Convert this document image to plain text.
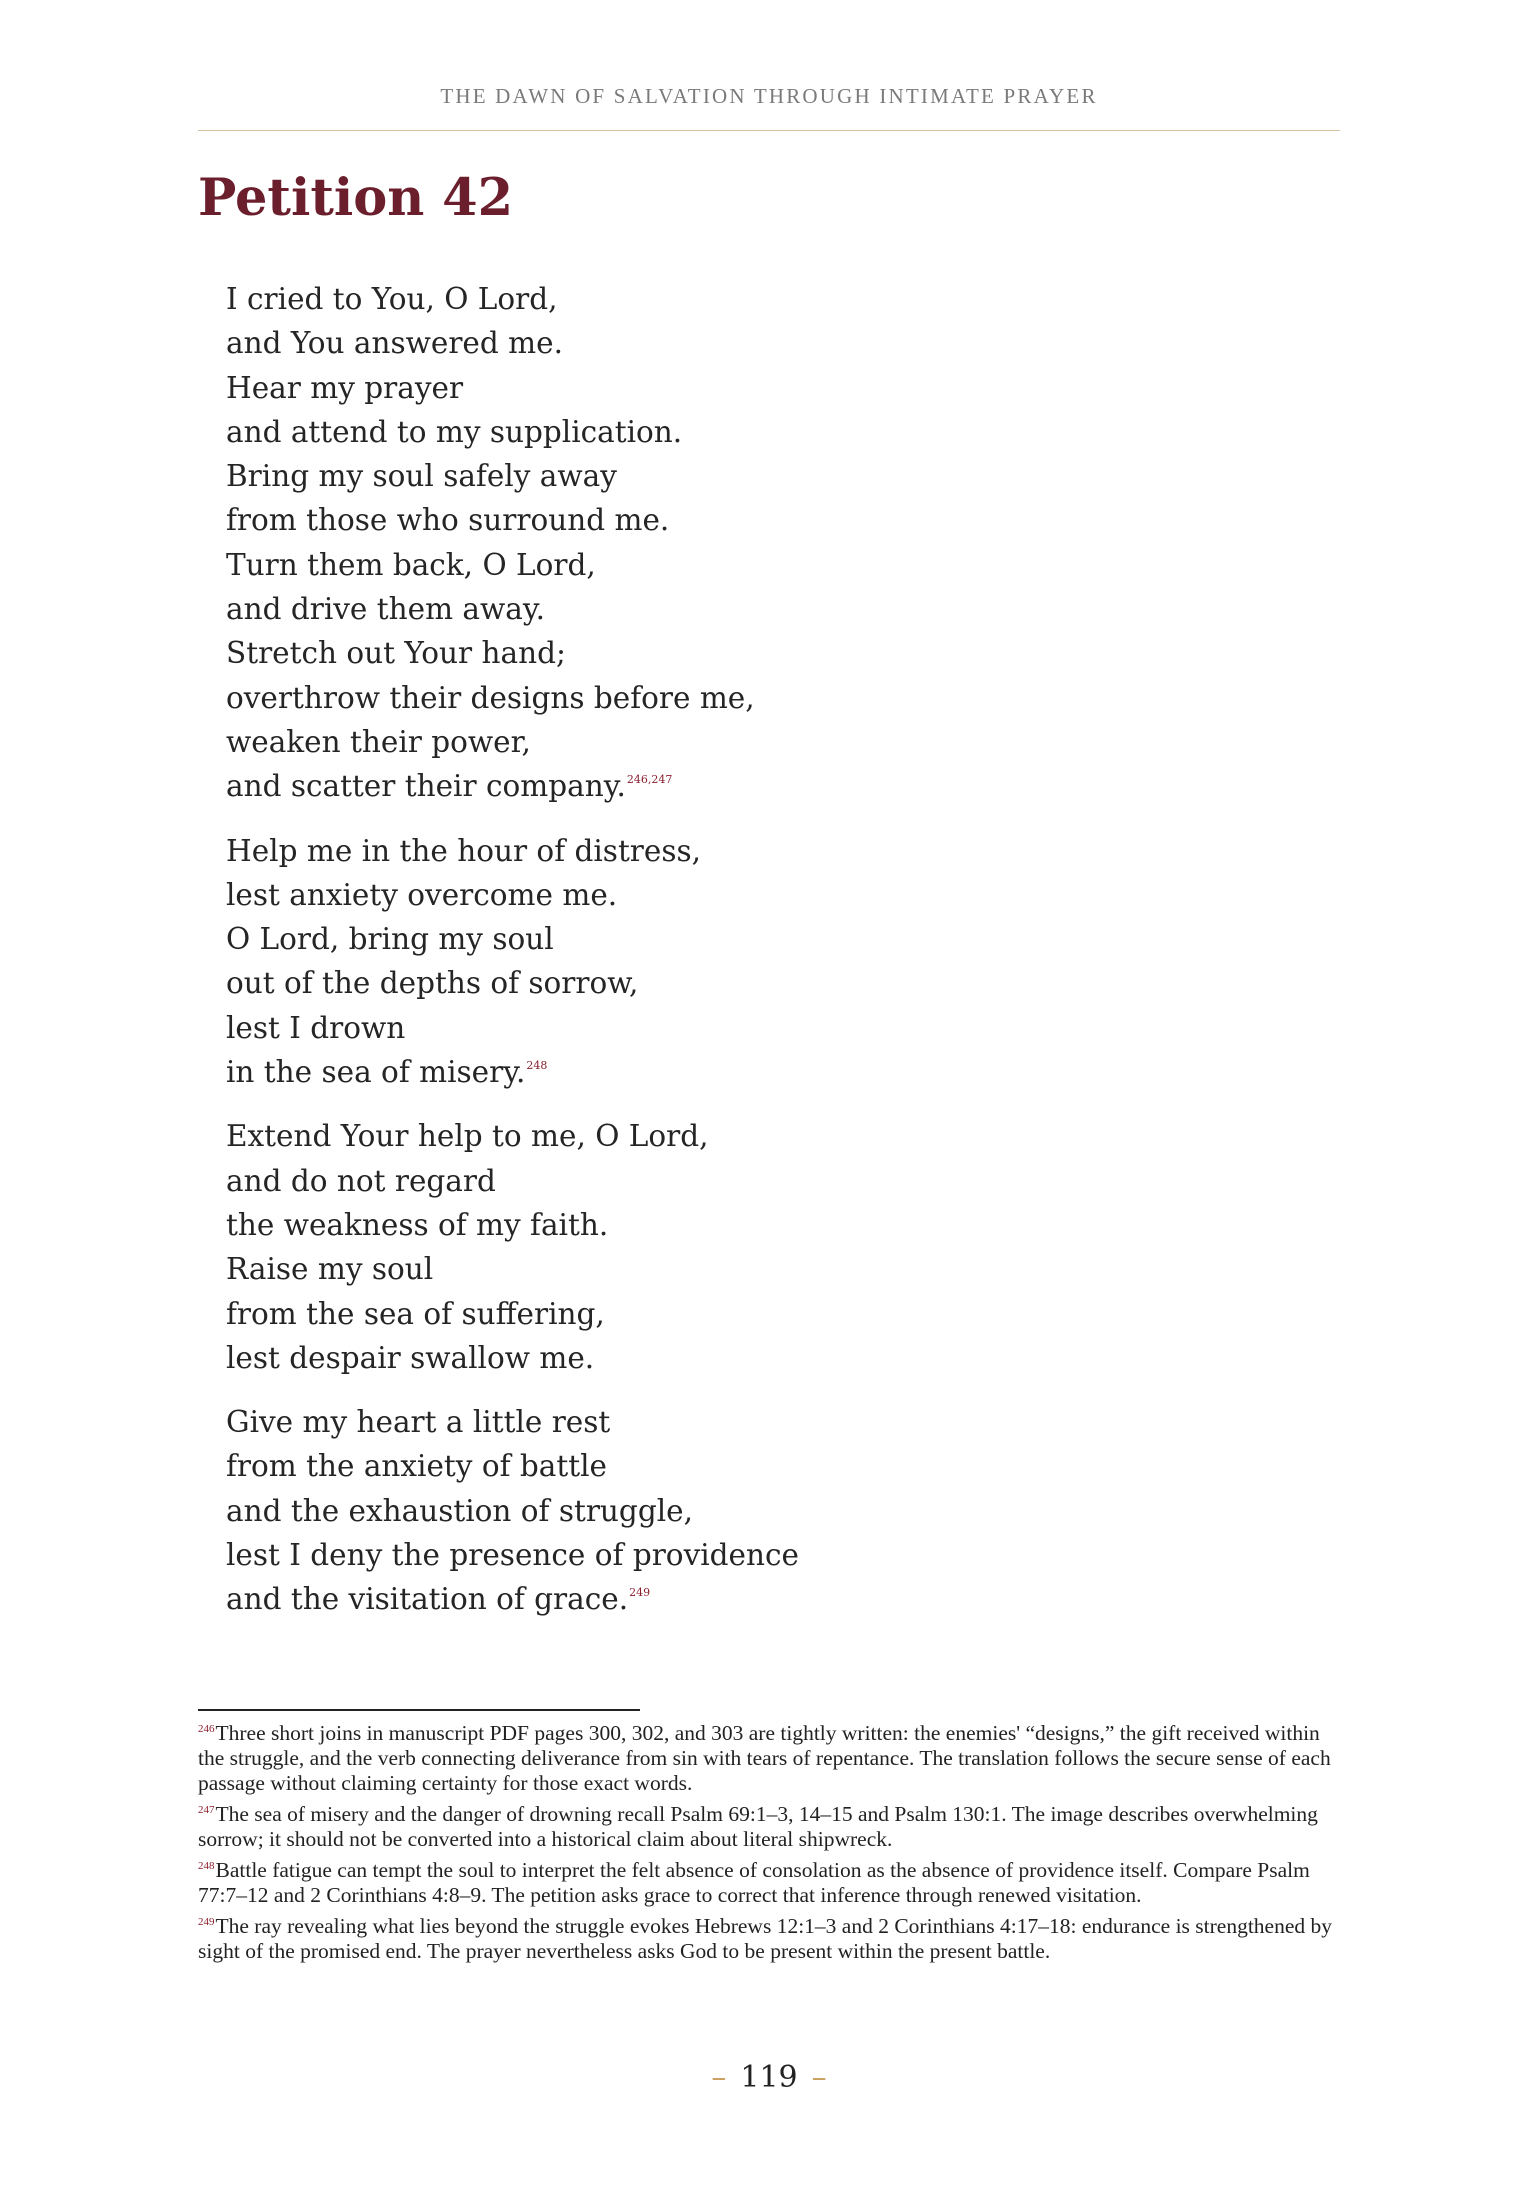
THE DAWN OF SALVATION THROUGH INTIMATE PRAYER
Petition 42
I cried to You, O Lord,
and You answered me.
Hear my prayer
and attend to my supplication.
Bring my soul safely away
from those who surround me.
Turn them back, O Lord,
and drive them away.
Stretch out Your hand;
overthrow their designs before me,
weaken their power,
and scatter their company.$^{246,247}$
Help me in the hour of distress,
lest anxiety overcome me.
O Lord, bring my soul
out of the depths of sorrow,
lest I drown
in the sea of misery.$^{248}$
Extend Your help to me, O Lord,
and do not regard
the weakness of my faith.
Raise my soul
from the sea of suffering,
lest despair swallow me.
Give my heart a little rest
from the anxiety of battle
and the exhaustion of struggle,
lest I deny the presence of providence
and the visitation of grace.$^{249}$
$^{246}$Three short joins in manuscript PDF pages 300, 302, and 303 are tightly written: the enemies' “designs,” the gift received within the struggle, and the verb connecting deliverance from sin with tears of repentance. The translation follows the secure sense of each passage without claiming certainty for those exact words.
$^{247}$The sea of misery and the danger of drowning recall Psalm 69:1–3, 14–15 and Psalm 130:1. The image describes overwhelming sorrow; it should not be converted into a historical claim about literal shipwreck.
$^{248}$Battle fatigue can tempt the soul to interpret the felt absence of consolation as the absence of providence itself. Compare Psalm 77:7–12 and 2 Corinthians 4:8–9. The petition asks grace to correct that inference through renewed visitation.
$^{249}$The ray revealing what lies beyond the struggle evokes Hebrews 12:1–3 and 2 Corinthians 4:17–18: endurance is strengthened by sight of the promised end. The prayer nevertheless asks God to be present within the present battle.
– 119 –
